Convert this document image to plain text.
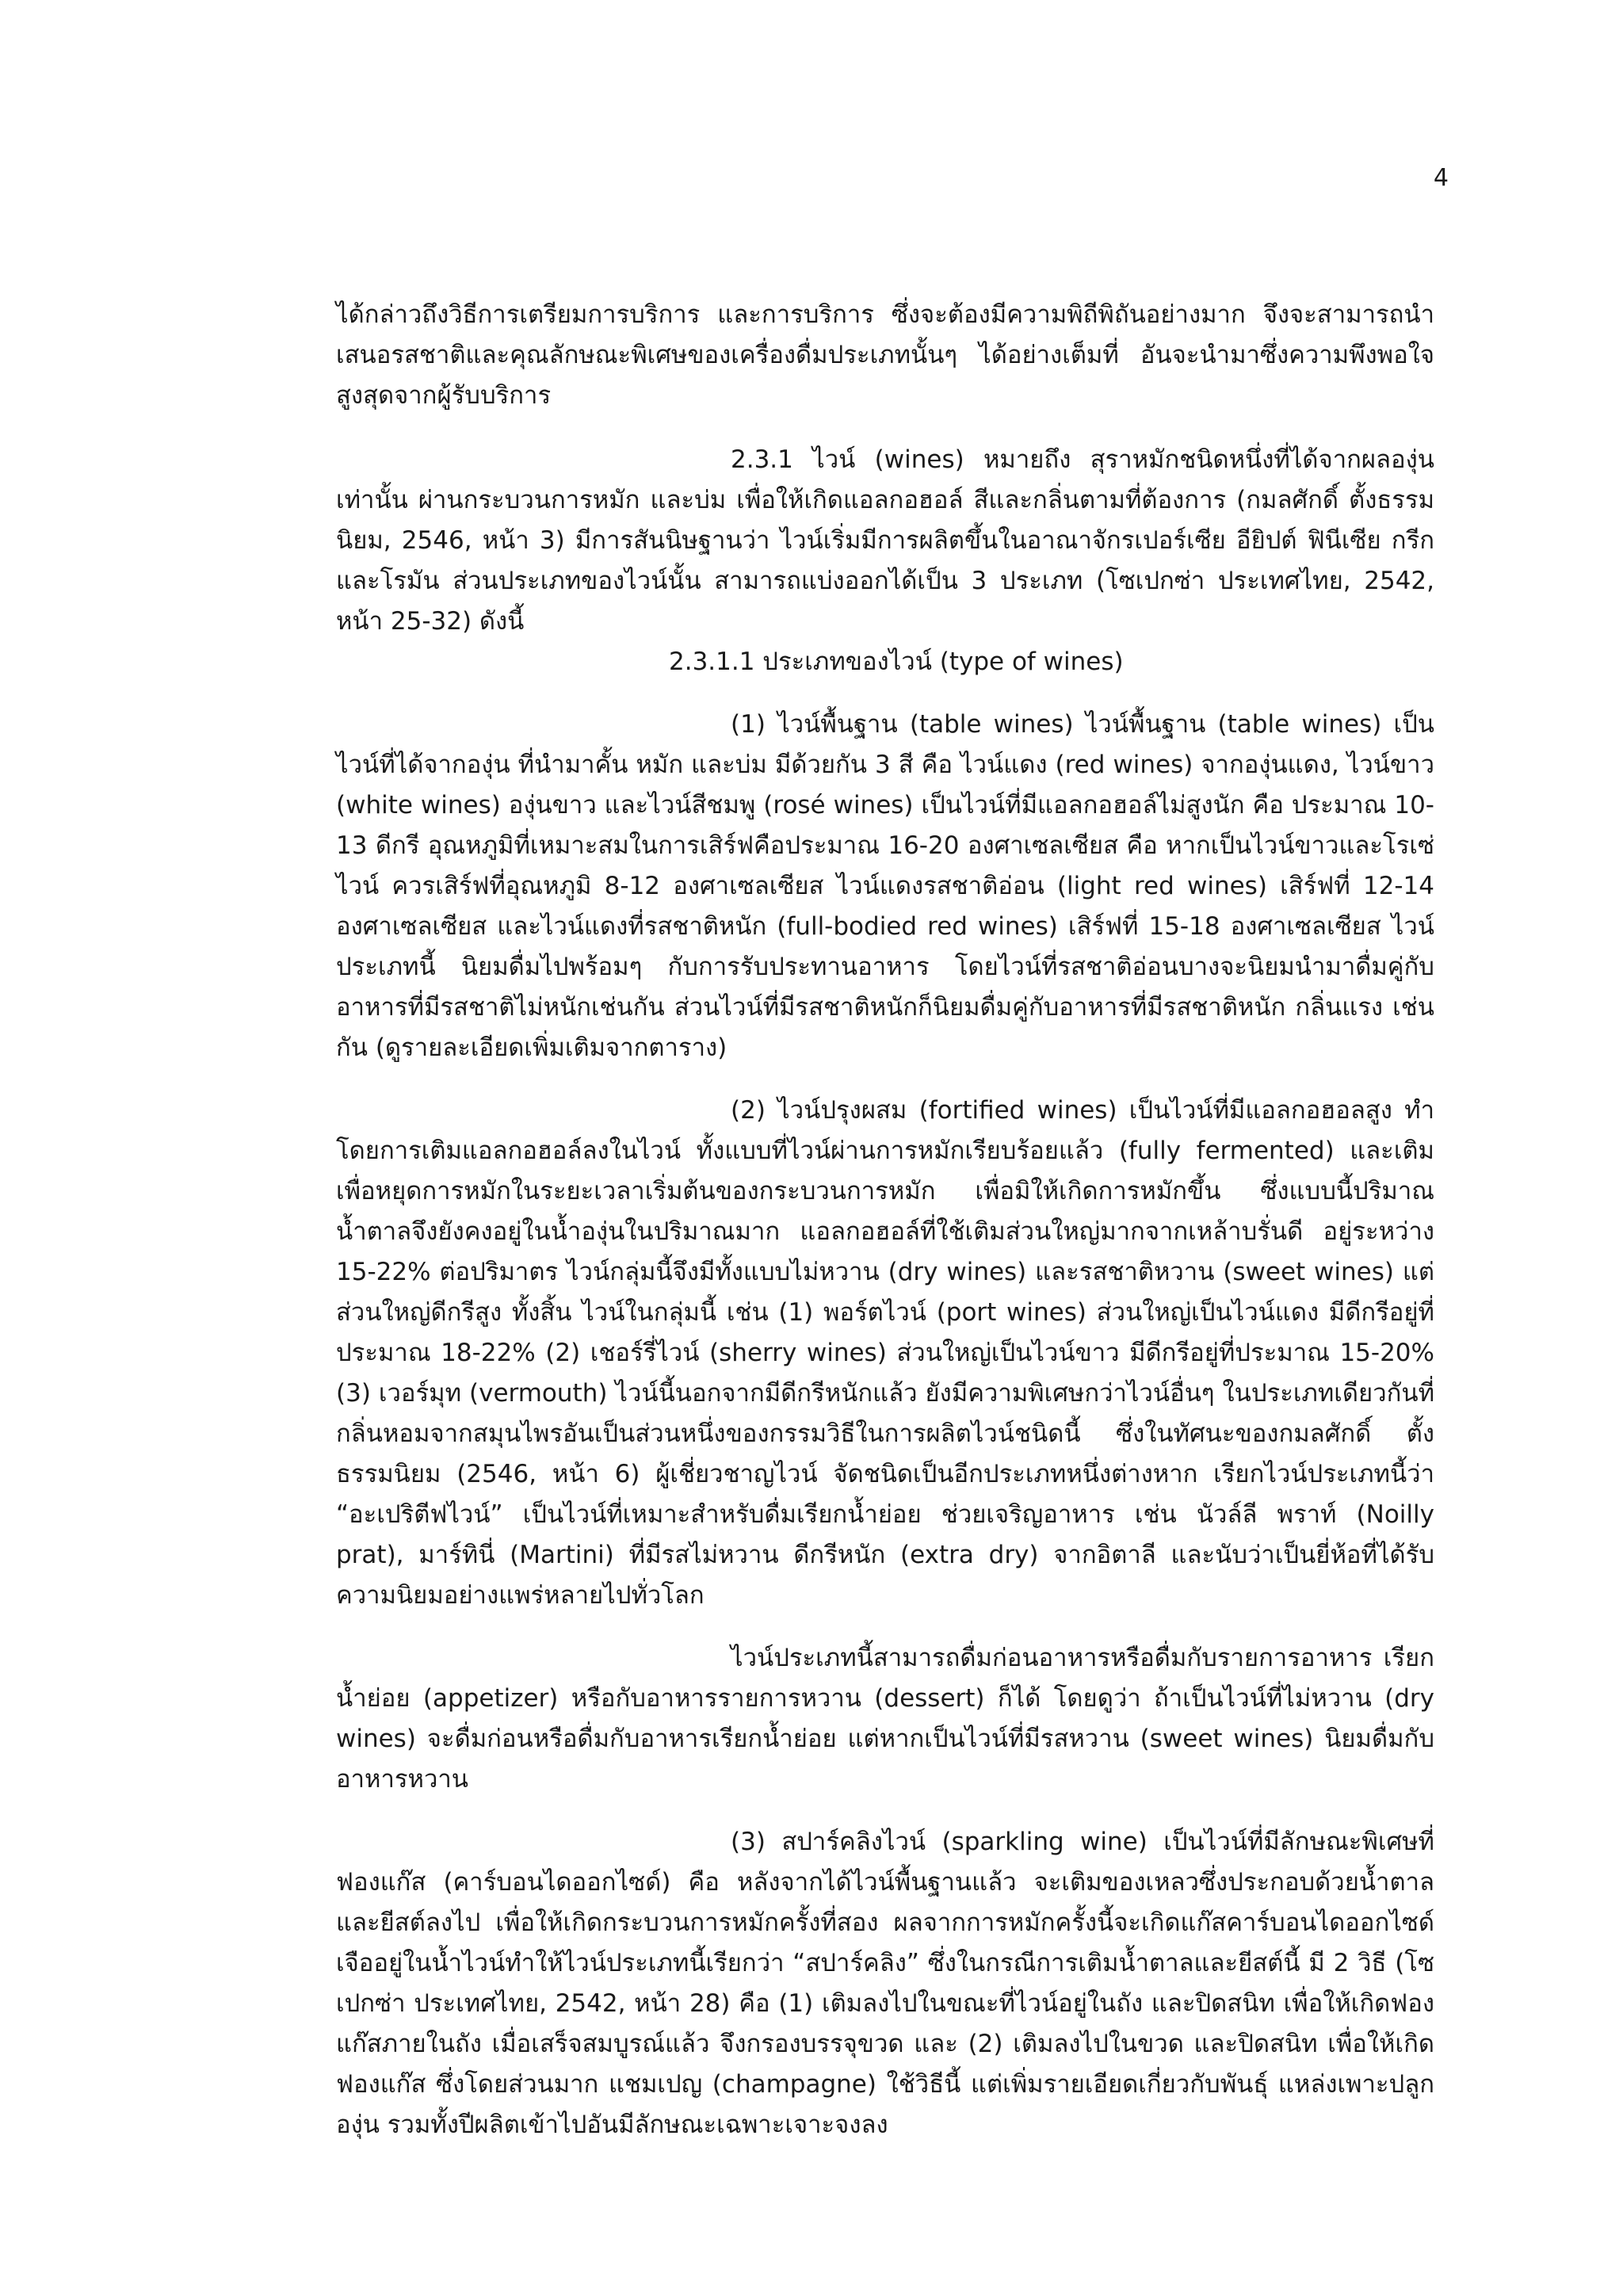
4

ได้กล่าวถึงวิธีการเตรียมการบริการ และการบริการ ซึ่งจะต้องมีความพิถีพิถันอย่างมาก จึงจะสามารถนำเสนอรสชาติและคุณลักษณะพิเศษของเครื่องดื่มประเภทนั้นๆ ได้อย่างเต็มที่ อันจะนำมาซึ่งความพึงพอใจสูงสุดจากผู้รับบริการ

2.3.1 ไวน์ (wines) หมายถึง สุราหมักชนิดหนึ่งที่ได้จากผลองุ่นเท่านั้น ผ่านกระบวนการหมัก และบ่ม เพื่อให้เกิดแอลกอฮอล์ สีและกลิ่นตามที่ต้องการ (กมลศักดิ์ ตั้งธรรมนิยม, 2546, หน้า 3) มีการสันนิษฐานว่า ไวน์เริ่มมีการผลิตขึ้นในอาณาจักรเปอร์เซีย อียิปต์ ฟินีเซีย กรีก และโรมัน ส่วนประเภทของไวน์นั้น สามารถแบ่งออกได้เป็น 3 ประเภท (โซเปกซ่า ประเทศไทย, 2542, หน้า 25-32) ดังนี้

2.3.1.1 ประเภทของไวน์ (type of wines)

(1) ไวน์พื้นฐาน (table wines) ไวน์พื้นฐาน (table wines) เป็นไวน์ที่ได้จากองุ่น ที่นำมาคั้น หมัก และบ่ม มีด้วยกัน 3 สี คือ ไวน์แดง (red wines) จากองุ่นแดง, ไวน์ขาว (white wines) องุ่นขาว และไวน์สีชมพู (rosé wines) เป็นไวน์ที่มีแอลกอฮอล์ไม่สูงนัก คือ ประมาณ 10-13 ดีกรี อุณหภูมิที่เหมาะสมในการเสิร์ฟคือประมาณ 16-20 องศาเซลเซียส คือ หากเป็นไวน์ขาวและโรเซ่ไวน์ ควรเสิร์ฟที่อุณหภูมิ 8-12 องศาเซลเซียส ไวน์แดงรสชาติอ่อน (light red wines) เสิร์ฟที่ 12-14 องศาเซลเซียส และไวน์แดงที่รสชาติหนัก (full-bodied red wines) เสิร์ฟที่ 15-18 องศาเซลเซียส ไวน์ประเภทนี้ นิยมดื่มไปพร้อมๆ กับการรับประทานอาหาร โดยไวน์ที่รสชาติอ่อนบางจะนิยมนำมาดื่มคู่กับอาหารที่มีรสชาติไม่หนักเช่นกัน ส่วนไวน์ที่มีรสชาติหนักก็นิยมดื่มคู่กับอาหารที่มีรสชาติหนัก กลิ่นแรง เช่นกัน (ดูรายละเอียดเพิ่มเติมจากตาราง)

(2) ไวน์ปรุงผสม (fortified wines) เป็นไวน์ที่มีแอลกอฮอลสูง ทำโดยการเติมแอลกอฮอล์ลงในไวน์ ทั้งแบบที่ไวน์ผ่านการหมักเรียบร้อยแล้ว (fully fermented) และเติมเพื่อหยุดการหมักในระยะเวลาเริ่มต้นของกระบวนการหมัก เพื่อมิให้เกิดการหมักขึ้น ซึ่งแบบนี้ปริมาณน้ำตาลจึงยังคงอยู่ในน้ำองุ่นในปริมาณมาก แอลกอฮอล์ที่ใช้เติมส่วนใหญ่มากจากเหล้าบรั่นดี อยู่ระหว่าง 15-22% ต่อปริมาตร ไวน์กลุ่มนี้จึงมีทั้งแบบไม่หวาน (dry wines) และรสชาติหวาน (sweet wines) แต่ส่วนใหญ่ดีกรีสูง ทั้งสิ้น ไวน์ในกลุ่มนี้ เช่น (1) พอร์ตไวน์ (port wines) ส่วนใหญ่เป็นไวน์แดง มีดีกรีอยู่ที่ประมาณ 18-22% (2) เชอร์รี่ไวน์ (sherry wines) ส่วนใหญ่เป็นไวน์ขาว มีดีกรีอยู่ที่ประมาณ 15-20% (3) เวอร์มุท (vermouth) ไวน์นี้นอกจากมีดีกรีหนักแล้ว ยังมีความพิเศษกว่าไวน์อื่นๆ ในประเภทเดียวกันที่กลิ่นหอมจากสมุนไพรอันเป็นส่วนหนึ่งของกรรมวิธีในการผลิตไวน์ชนิดนี้ ซึ่งในทัศนะของกมลศักดิ์ ตั้งธรรมนิยม (2546, หน้า 6) ผู้เชี่ยวชาญไวน์ จัดชนิดเป็นอีกประเภทหนึ่งต่างหาก เรียกไวน์ประเภทนี้ว่า “อะเปริตีฟไวน์” เป็นไวน์ที่เหมาะสำหรับดื่มเรียกน้ำย่อย ช่วยเจริญอาหาร เช่น นัวล์ลี พราท์ (Noilly prat), มาร์ทินี่ (Martini) ที่มีรสไม่หวาน ดีกรีหนัก (extra dry) จากอิตาลี และนับว่าเป็นยี่ห้อที่ได้รับความนิยมอย่างแพร่หลายไปทั่วโลก

ไวน์ประเภทนี้สามารถดื่มก่อนอาหารหรือดื่มกับรายการอาหาร เรียกน้ำย่อย (appetizer) หรือกับอาหารรายการหวาน (dessert) ก็ได้ โดยดูว่า ถ้าเป็นไวน์ที่ไม่หวาน (dry wines) จะดื่มก่อนหรือดื่มกับอาหารเรียกน้ำย่อย แต่หากเป็นไวน์ที่มีรสหวาน (sweet wines) นิยมดื่มกับอาหารหวาน

(3) สปาร์คลิงไวน์ (sparkling wine) เป็นไวน์ที่มีลักษณะพิเศษที่ ฟองแก๊ส (คาร์บอนไดออกไซด์) คือ หลังจากได้ไวน์พื้นฐานแล้ว จะเติมของเหลวซึ่งประกอบด้วยน้ำตาลและยีสต์ลงไป เพื่อให้เกิดกระบวนการหมักครั้งที่สอง ผลจากการหมักครั้งนี้จะเกิดแก๊สคาร์บอนไดออกไซด์เจืออยู่ในน้ำไวน์ทำให้ไวน์ประเภทนี้เรียกว่า “สปาร์คลิง” ซึ่งในกรณีการเติมน้ำตาลและยีสต์นี้ มี 2 วิธี (โซเปกซ่า ประเทศไทย, 2542, หน้า 28) คือ (1) เติมลงไปในขณะที่ไวน์อยู่ในถัง และปิดสนิท เพื่อให้เกิดฟองแก๊สภายในถัง เมื่อเสร็จสมบูรณ์แล้ว จึงกรองบรรจุขวด และ (2) เติมลงไปในขวด และปิดสนิท เพื่อให้เกิดฟองแก๊ส ซึ่งโดยส่วนมาก แชมเปญ (champagne) ใช้วิธีนี้ แต่เพิ่มรายเอียดเกี่ยวกับพันธุ์ แหล่งเพาะปลูกองุ่น รวมทั้งปีผลิตเข้าไปอันมีลักษณะเฉพาะเจาะจงลง
